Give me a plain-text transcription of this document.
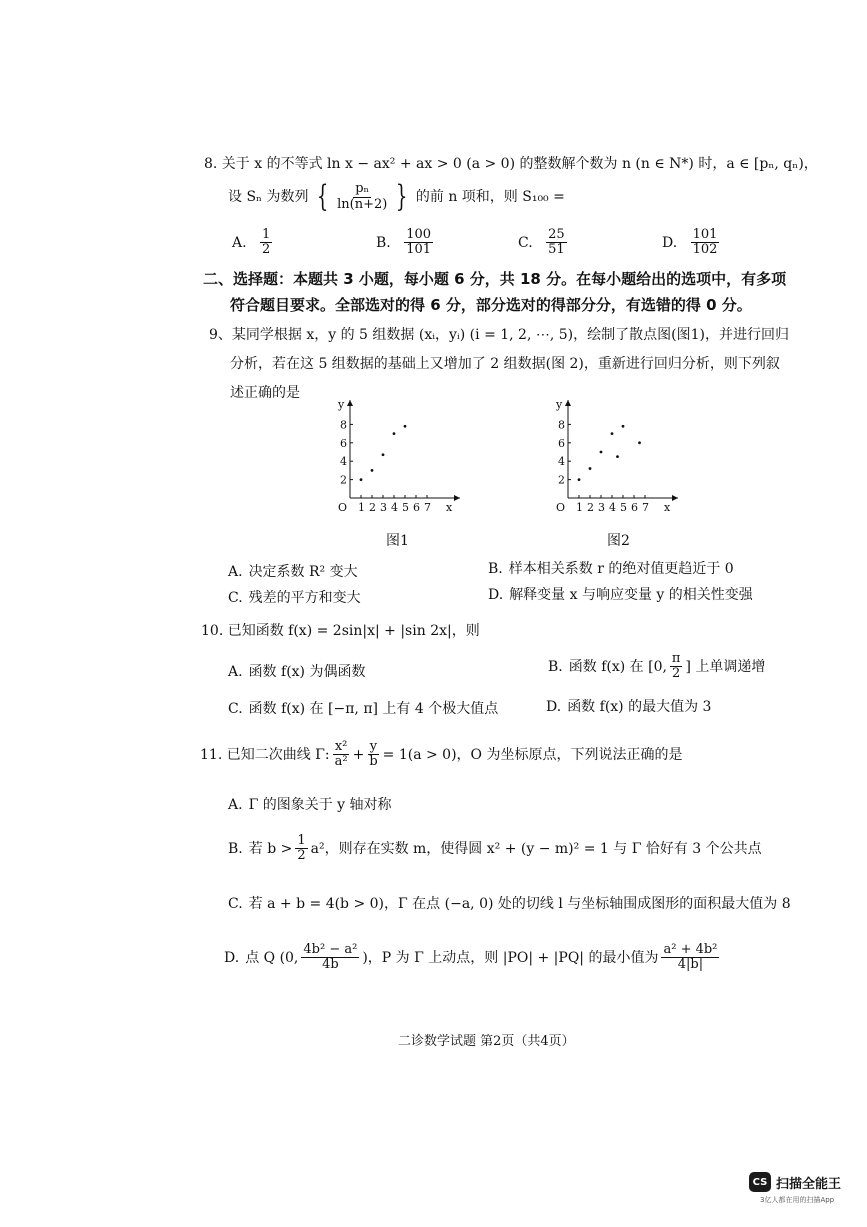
8. 关于 x 的不等式 ln x − ax² + ax > 0 (a > 0) 的整数解个数为 n (n ∈ N*) 时，a ∈ [pₙ, qₙ)，
设 Sₙ 为数列 { $\frac{\text{pₙ}}{\ln(n+2)}$ } 的前 n 项和，则 S₁₀₀ =
A. $\frac{1}{2}$	B. $\frac{100}{101}$	C. $\frac{25}{51}$	D. $\frac{101}{102}$
二、选择题：本题共 3 小题，每小题 6 分，共 18 分。在每小题给出的选项中，有多项
符合题目要求。全部选对的得 6 分，部分选对的得部分分，有选错的得 0 分。
9、某同学根据 x，y 的 5 组数据 (xᵢ，yᵢ) (i = 1, 2, ⋯, 5)，绘制了散点图(图1)，并进行回归
分析，若在这 5 组数据的基础上又增加了 2 组数据(图 2)，重新进行回归分析，则下列叙
述正确的是
y
x
O
2
4
6
8
1 2 3 4 5 6 7
图1
y
x
O
2
4
6
8
1 2 3 4 5 6 7
图2
A. 决定系数 R² 变大	B. 样本相关系数 r 的绝对值更趋近于 0
C. 残差的平方和变大	D. 解释变量 x 与响应变量 y 的相关性变强
10. 已知函数 f(x) = 2sin|x| + |sin 2x|，则
A. 函数 f(x) 为偶函数	B. 函数 f(x) 在 [0, $\frac{\pi}{2}$ ] 上单调递增
C. 函数 f(x) 在 [−π, π] 上有 4 个极大值点	D. 函数 f(x) 的最大值为 3
11. 已知二次曲线 Γ: $\frac{\text{x²}}{\text{a²}} + \frac{y}{b} = 1(a > 0)$，O 为坐标原点，下列说法正确的是
A. Γ 的图象关于 y 轴对称
B. 若 $b > \frac{1}{2} a^2$，则存在实数 m，使得圆 x² + (y − m)² = 1 与 Γ 恰好有 3 个公共点
C. 若 a + b = 4(b > 0)，Γ 在点 (−a, 0) 处的切线 l 与坐标轴围成图形的面积最大值为 8
D. 点 Q (0, $\frac{\text{4b² − a²}}{4b}$ )，P 为 Γ 上动点，则 |PO| + |PQ| 的最小值为 $\frac{\text{a² + 4b²}}{4|b|}$
二诊数学试题 第2页（共4页）
CS 扫描全能王
3亿人都在用的扫描App
